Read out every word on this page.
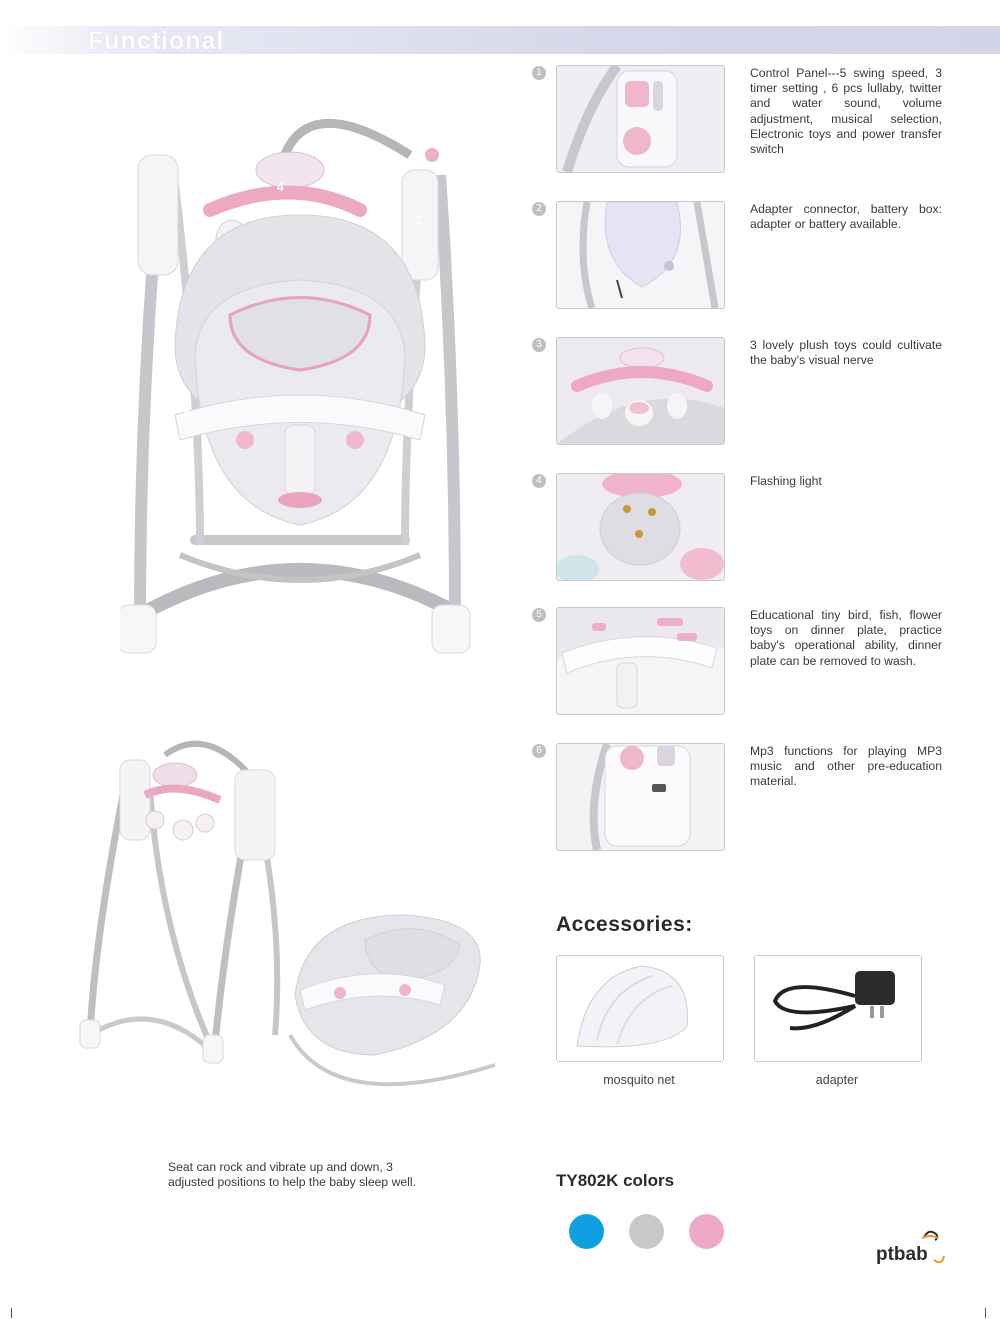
Functional
1
2
3
4
5
6
1	Control Panel---5 swing speed, 3 timer setting , 6 pcs lullaby, twitter and water sound, volume adjustment, musical selection, Electronic toys and power transfer switch
2	Adapter connector, battery box: adapter or battery available.
3	3 lovely plush toys could cultivate the baby's visual nerve
4	Flashing light
5	Educational tiny bird, fish, flower toys on dinner plate, practice baby's operational ability, dinner plate can be removed to wash.
6	Mp3 functions for playing MP3 music and other pre-education material.
Seat can rock and vibrate up and down, 3 adjusted positions to help the baby sleep well.
Accessories:
mosquito net	adapter
TY802K colors
ptbab
